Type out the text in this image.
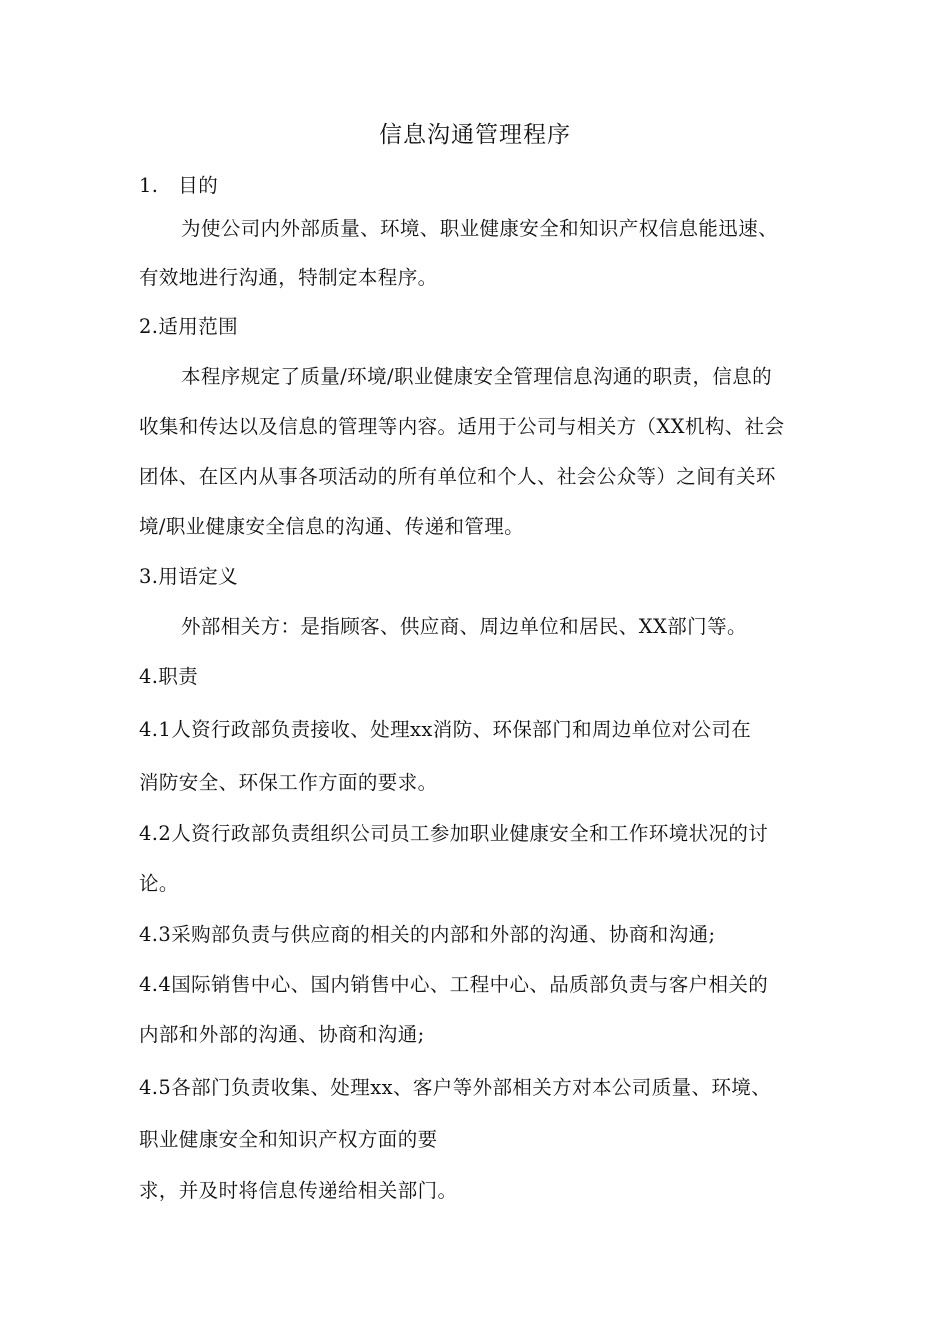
信息沟通管理程序
1.　目的
为使公司内外部质量、环境、职业健康安全和知识产权信息能迅速、
有效地进行沟通，特制定本程序。
2.适用范围
本程序规定了质量/环境/职业健康安全管理信息沟通的职责，信息的
收集和传达以及信息的管理等内容。适用于公司与相关方（XX机构、社会
团体、在区内从事各项活动的所有单位和个人、社会公众等）之间有关环
境/职业健康安全信息的沟通、传递和管理。
3.用语定义
外部相关方：是指顾客、供应商、周边单位和居民、XX部门等。
4.职责
4.1人资行政部负责接收、处理xx消防、环保部门和周边单位对公司在
消防安全、环保工作方面的要求。
4.2人资行政部负责组织公司员工参加职业健康安全和工作环境状况的讨
论。
4.3采购部负责与供应商的相关的内部和外部的沟通、协商和沟通;
4.4国际销售中心、国内销售中心、工程中心、品质部负责与客户相关的
内部和外部的沟通、协商和沟通;
4.5各部门负责收集、处理xx、客户等外部相关方对本公司质量、环境、
职业健康安全和知识产权方面的要
求，并及时将信息传递给相关部门。
